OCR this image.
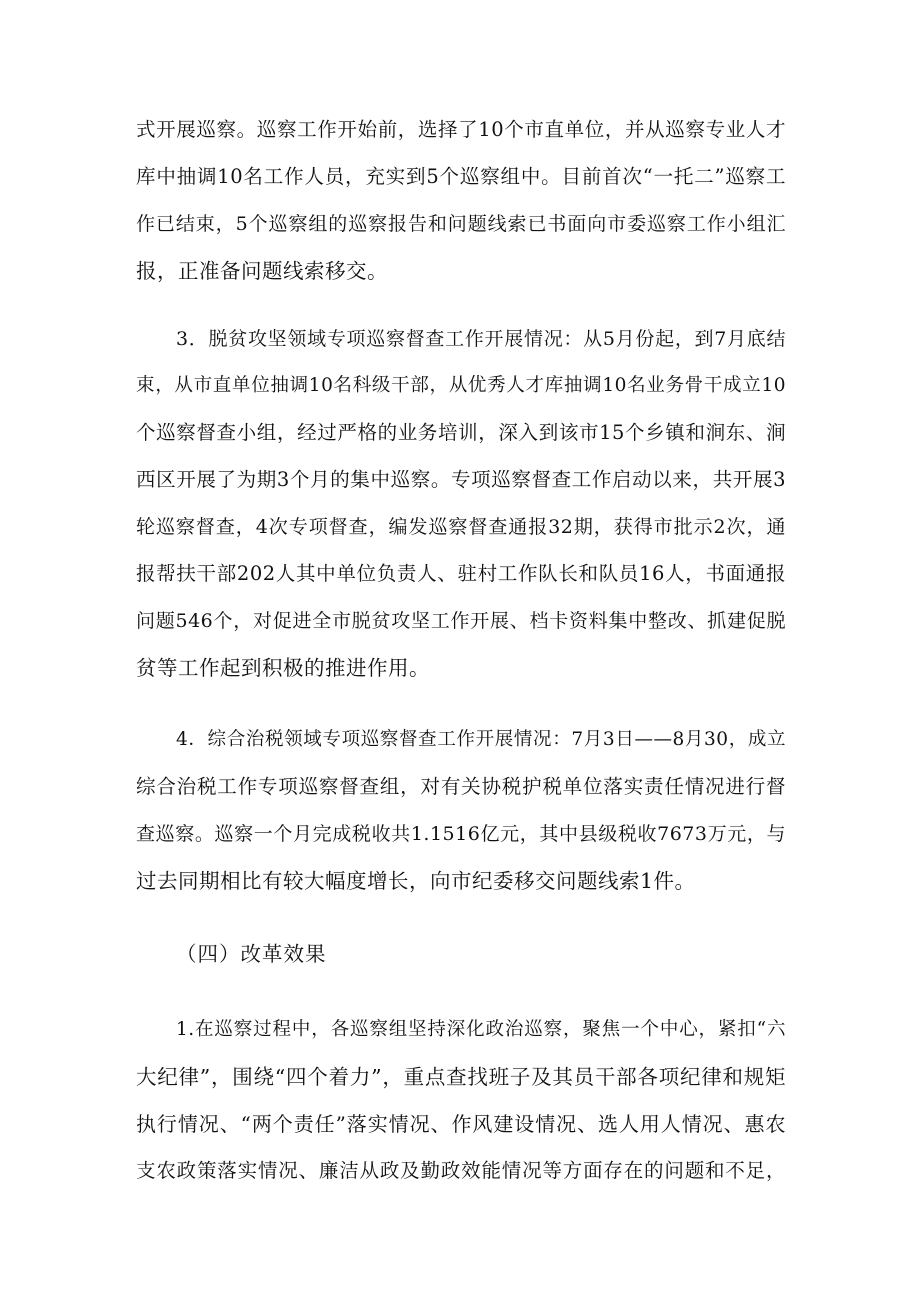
式开展巡察。巡察工作开始前，选择了10个市直单位，并从巡察专业人才
库中抽调10名工作人员，充实到5个巡察组中。目前首次“一托二”巡察工
作已结束，5个巡察组的巡察报告和问题线索已书面向市委巡察工作小组汇
报，正准备问题线索移交。
3．脱贫攻坚领域专项巡察督查工作开展情况：从5月份起，到7月底结
束，从市直单位抽调10名科级干部，从优秀人才库抽调10名业务骨干成立10
个巡察督查小组，经过严格的业务培训，深入到该市15个乡镇和涧东、涧
西区开展了为期3个月的集中巡察。专项巡察督查工作启动以来，共开展3
轮巡察督查，4次专项督查，编发巡察督查通报32期，获得市批示2次，通
报帮扶干部202人其中单位负责人、驻村工作队长和队员16人，书面通报
问题546个，对促进全市脱贫攻坚工作开展、档卡资料集中整改、抓建促脱
贫等工作起到积极的推进作用。
4．综合治税领域专项巡察督查工作开展情况：7月3日——8月30，成立
综合治税工作专项巡察督查组，对有关协税护税单位落实责任情况进行督
查巡察。巡察一个月完成税收共1.1516亿元，其中县级税收7673万元，与
过去同期相比有较大幅度增长，向市纪委移交问题线索1件。
（四）改革效果
1.在巡察过程中，各巡察组坚持深化政治巡察，聚焦一个中心，紧扣“六
大纪律”，围绕“四个着力”，重点查找班子及其员干部各项纪律和规矩
执行情况、“两个责任”落实情况、作风建设情况、选人用人情况、惠农
支农政策落实情况、廉洁从政及勤政效能情况等方面存在的问题和不足，
